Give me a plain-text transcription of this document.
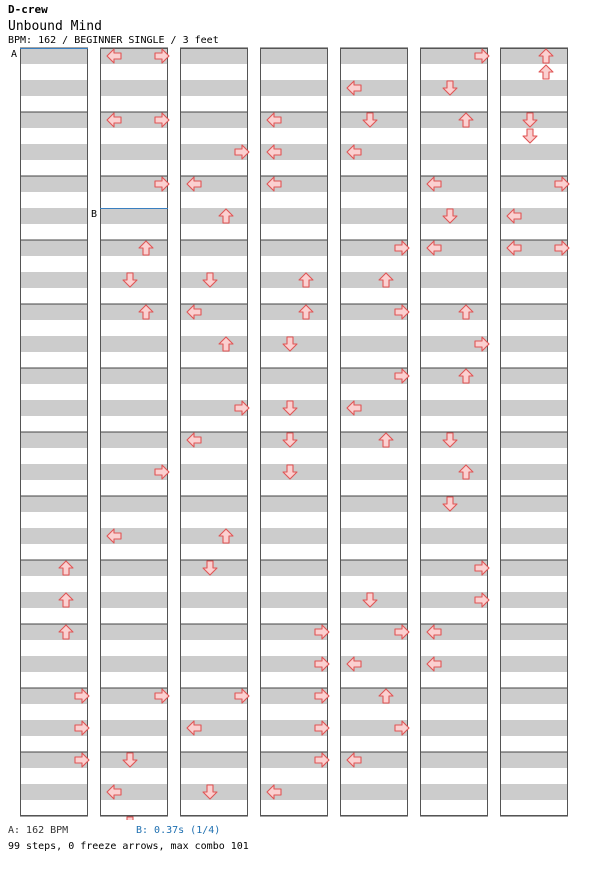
D-crew
Unbound Mind
BPM: 162 / BEGINNER SINGLE / 3 feet
A
B
A: 162 BPM	B: 0.37s (1/4)
99 steps, 0 freeze arrows, max combo 101
